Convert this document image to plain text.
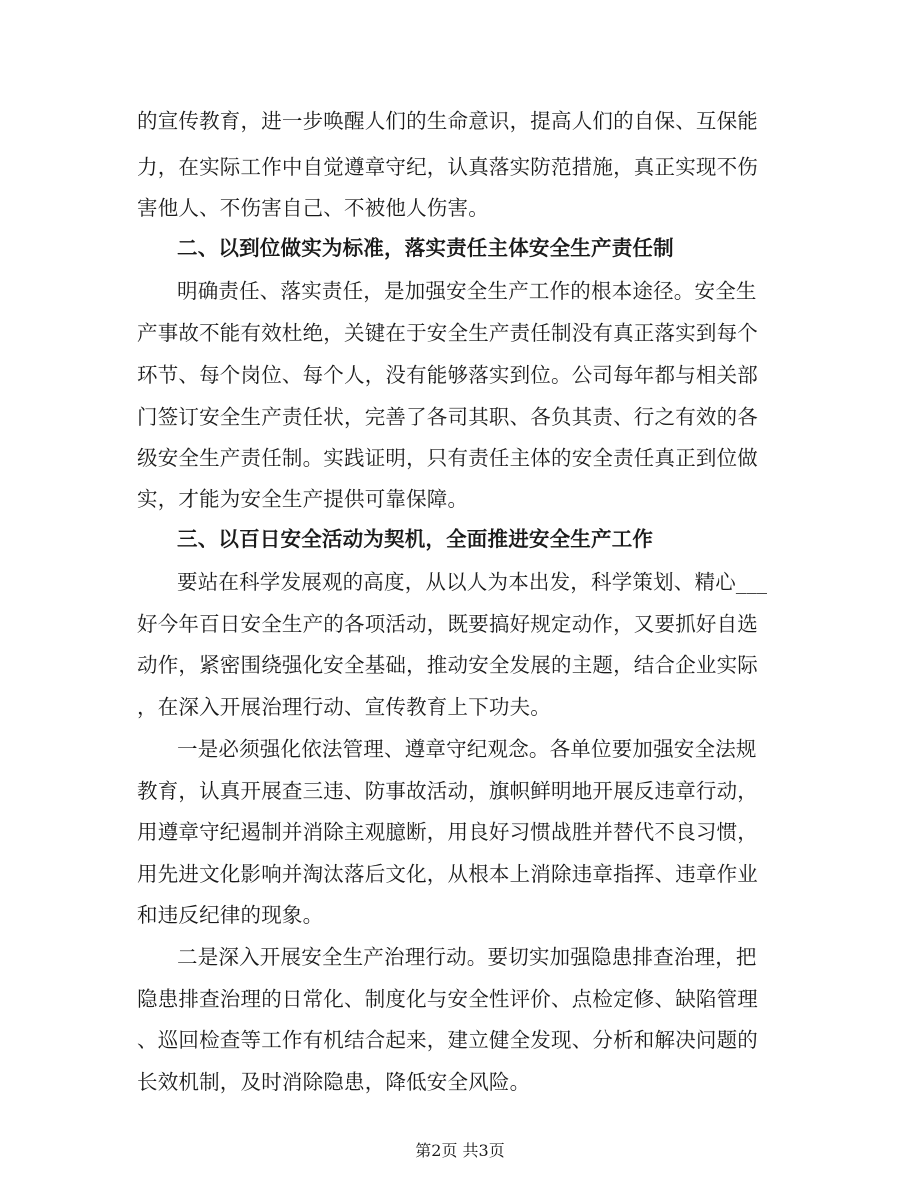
的宣传教育，进一步唤醒人们的生命意识，提高人们的自保、互保能
力，在实际工作中自觉遵章守纪，认真落实防范措施，真正实现不伤
害他人、不伤害自己、不被他人伤害。
二、以到位做实为标准，落实责任主体安全生产责任制
明确责任、落实责任，是加强安全生产工作的根本途径。安全生
产事故不能有效杜绝，关键在于安全生产责任制没有真正落实到每个
环节、每个岗位、每个人，没有能够落实到位。公司每年都与相关部
门签订安全生产责任状，完善了各司其职、各负其责、行之有效的各
级安全生产责任制。实践证明，只有责任主体的安全责任真正到位做
实，才能为安全生产提供可靠保障。
三、以百日安全活动为契机，全面推进安全生产工作
要站在科学发展观的高度，从以人为本出发，科学策划、精心___
好今年百日安全生产的各项活动，既要搞好规定动作，又要抓好自选
动作，紧密围绕强化安全基础，推动安全发展的主题，结合企业实际
，在深入开展治理行动、宣传教育上下功夫。
一是必须强化依法管理、遵章守纪观念。各单位要加强安全法规
教育，认真开展查三违、防事故活动，旗帜鲜明地开展反违章行动，
用遵章守纪遏制并消除主观臆断，用良好习惯战胜并替代不良习惯，
用先进文化影响并淘汰落后文化，从根本上消除违章指挥、违章作业
和违反纪律的现象。
二是深入开展安全生产治理行动。要切实加强隐患排查治理，把
隐患排查治理的日常化、制度化与安全性评价、点检定修、缺陷管理
、巡回检查等工作有机结合起来，建立健全发现、分析和解决问题的
长效机制，及时消除隐患，降低安全风险。
第2页 共3页
